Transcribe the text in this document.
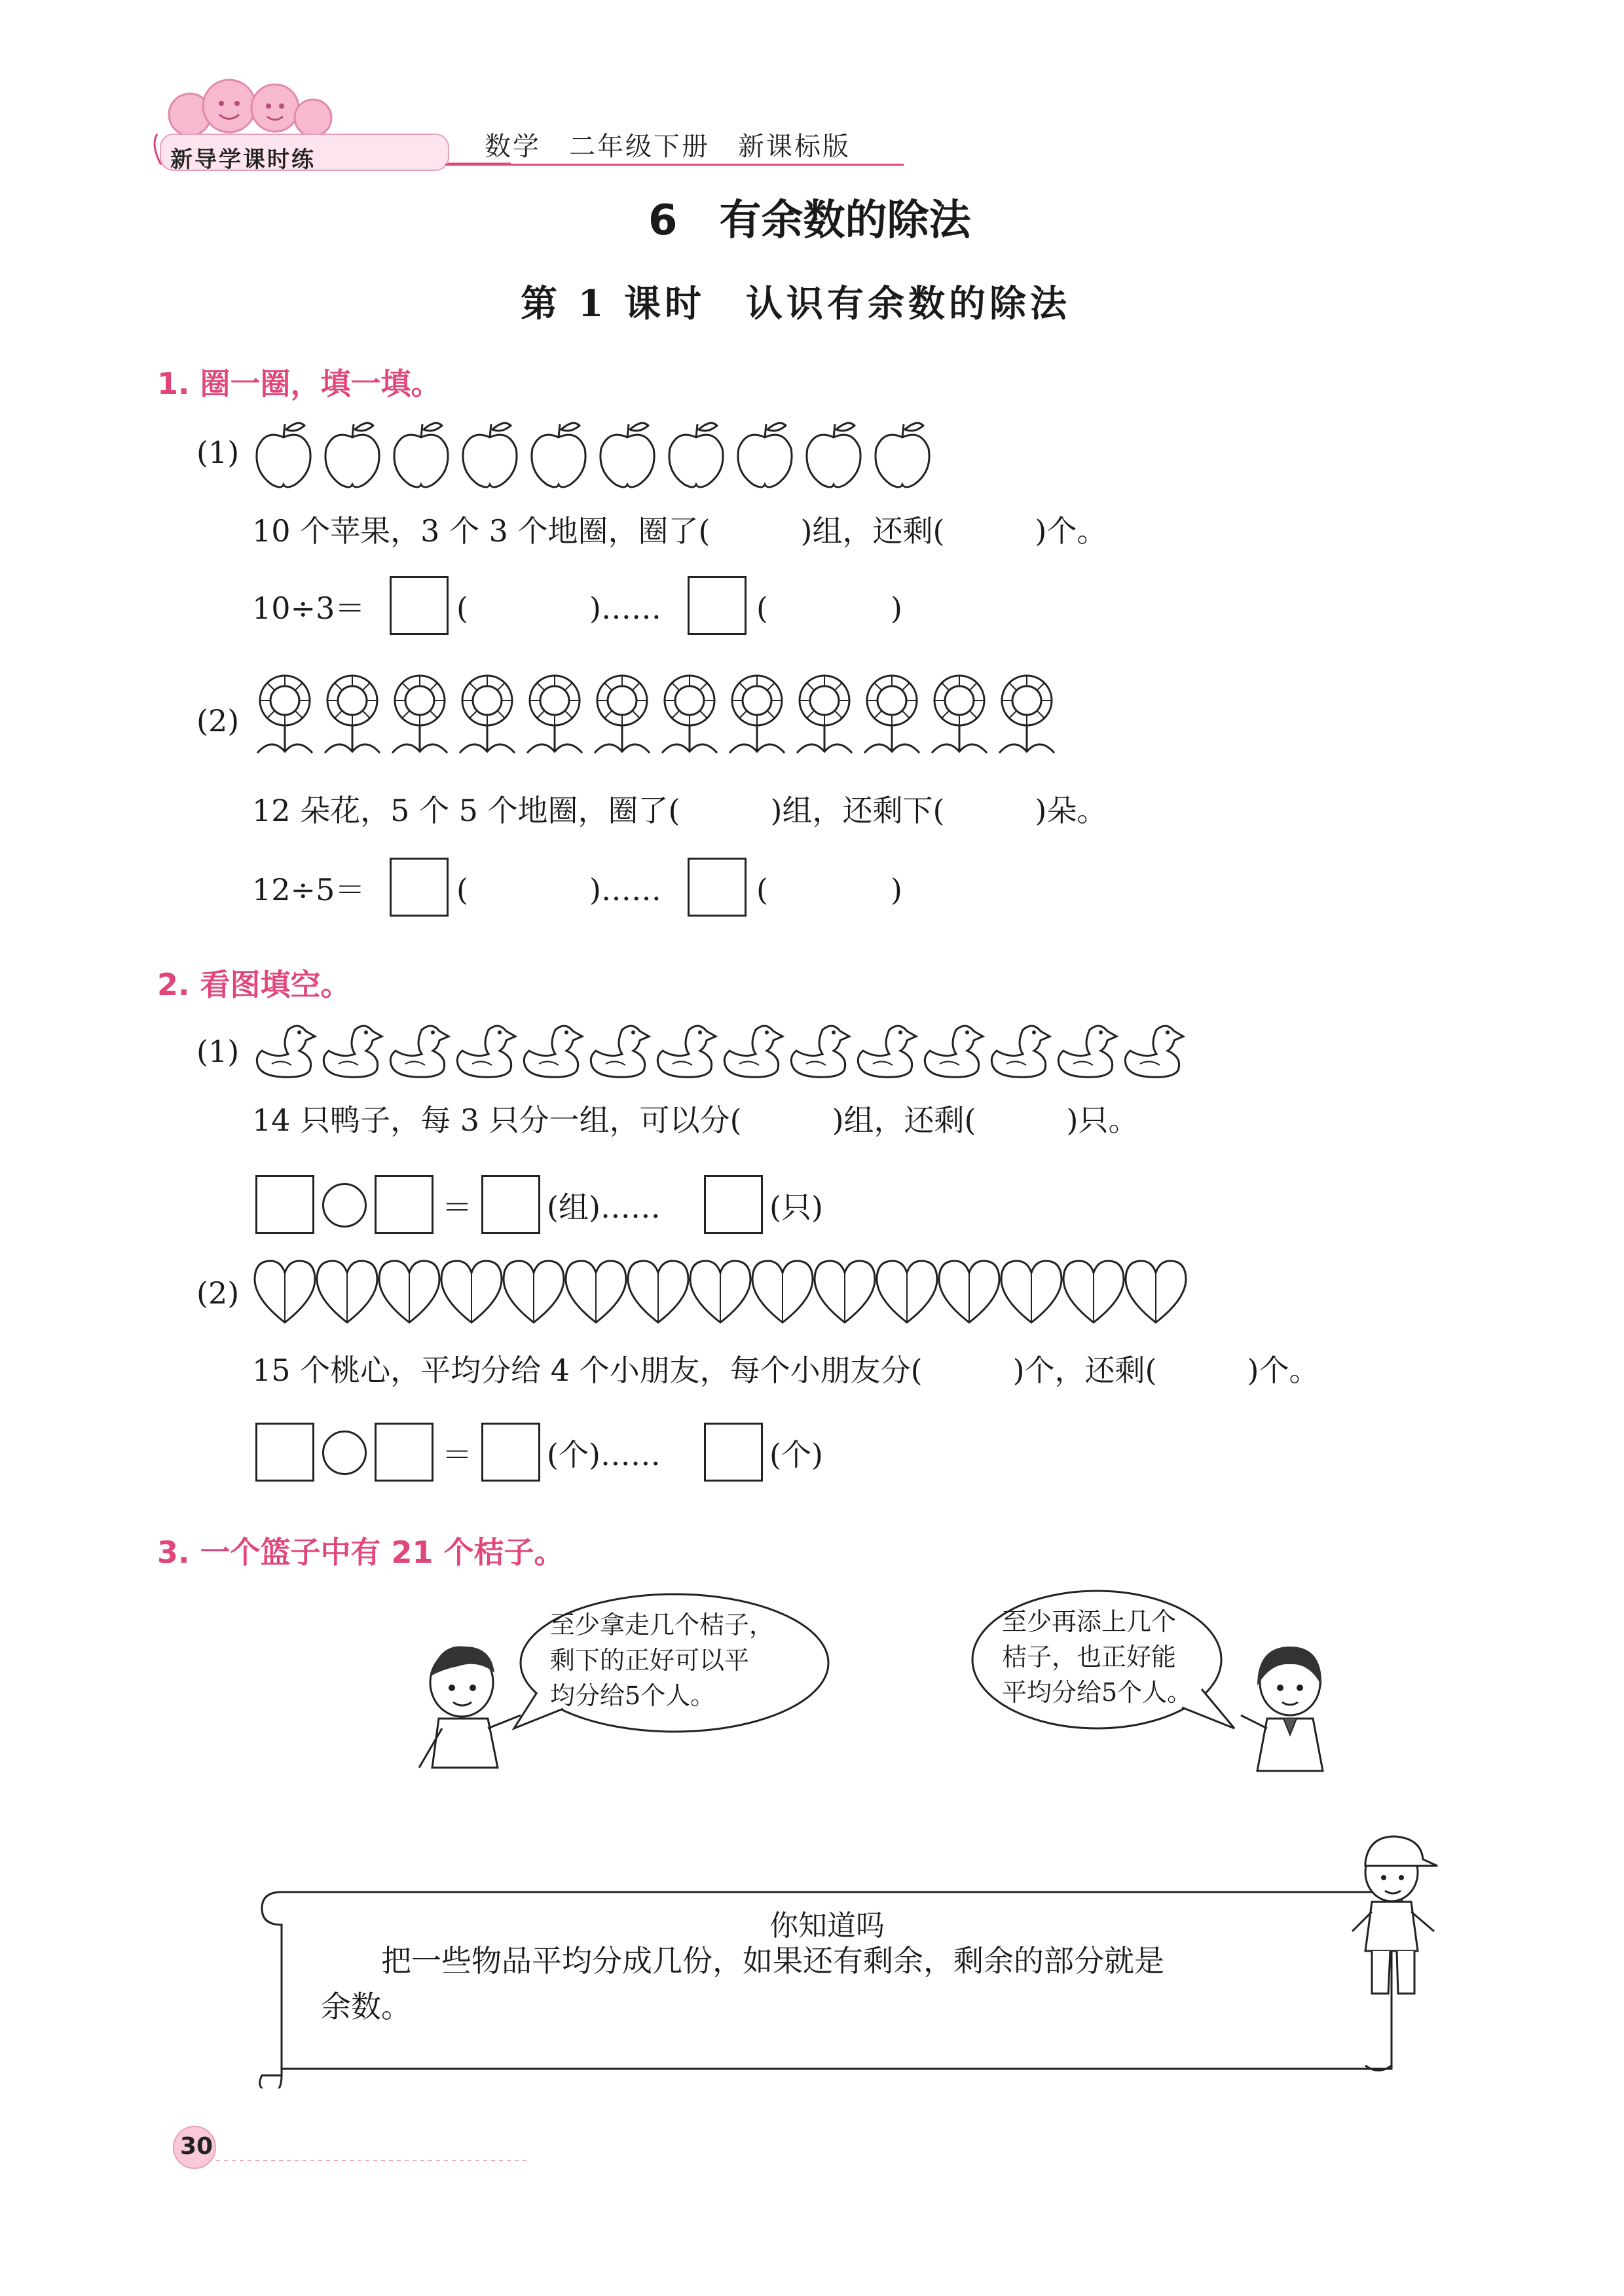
新导学课时练	数学　二年级下册　新课标版
6　有余数的除法
第 1 课时　认识有余数的除法
1. 圈一圈，填一填。
(1)
10 个苹果，3 个 3 个地圈，圈了(　　　)组，还剩(　　　)个。
10÷3＝	(	)……	(	)
(2)
12 朵花，5 个 5 个地圈，圈了(　　　)组，还剩下(　　　)朵。
12÷5＝	(	)……	(	)
2. 看图填空。
(1)
14 只鸭子，每 3 只分一组，可以分(　　　)组，还剩(　　　)只。
＝ (组)……	(只)
(2)
15 个桃心，平均分给 4 个小朋友，每个小朋友分(　　　)个，还剩(　　　)个。
＝ (个)……	(个)
3. 一个篮子中有 21 个桔子。
至少拿走几个桔子，
剩下的正好可以平
均分给5个人。
至少再添上几个
桔子，也正好能
平均分给5个人。
你知道吗
　　把一些物品平均分成几份，如果还有剩余，剩余的部分就是
余数。
30
